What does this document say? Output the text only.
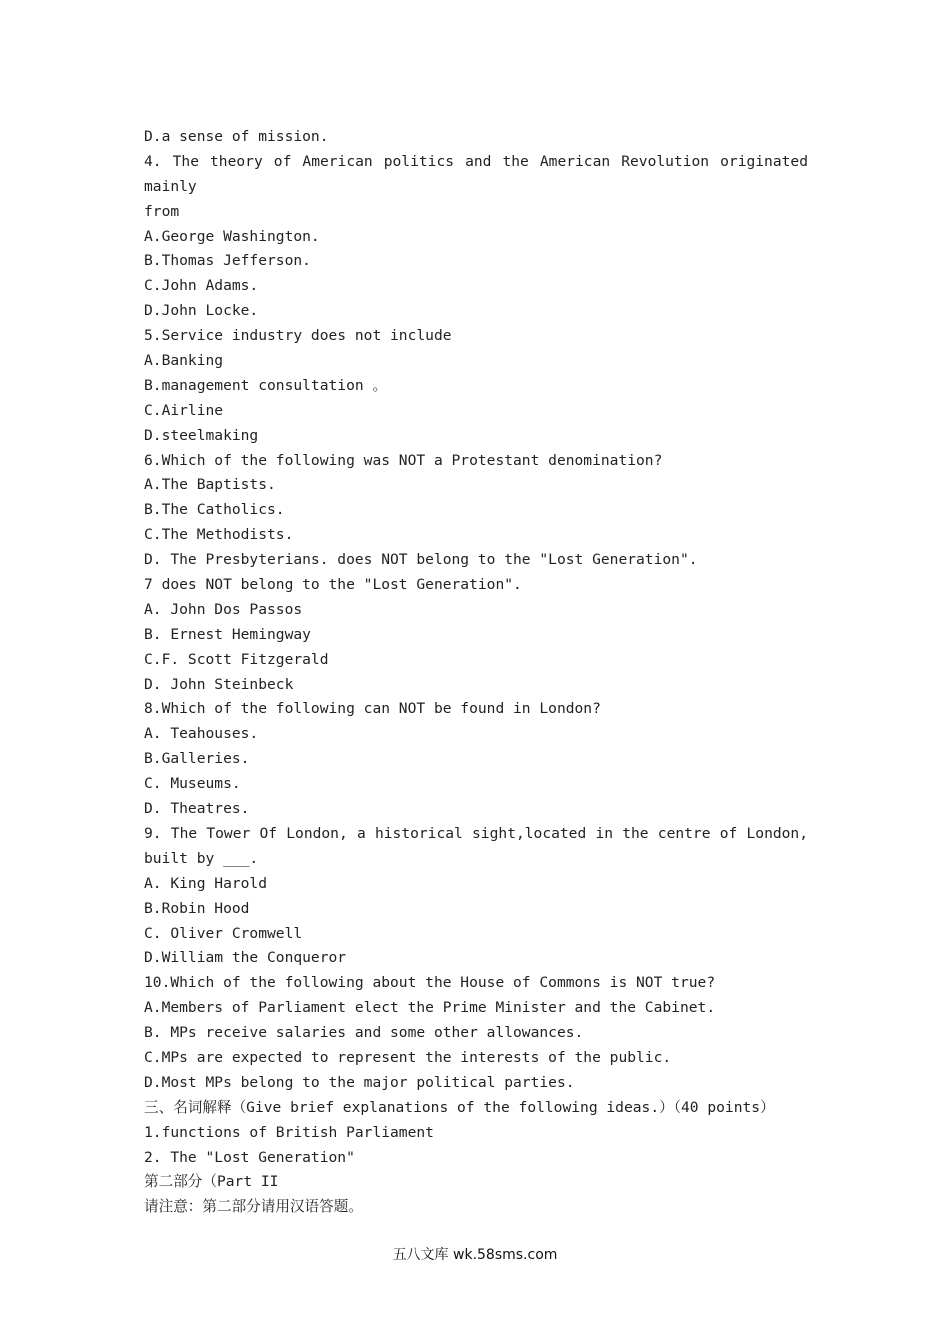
D.a sense of mission.
4. The theory of American politics and the American Revolution originated
mainly
from
A.George Washington.
B.Thomas Jefferson.
C.John Adams.
D.John Locke.
5.Service industry does not include
A.Banking
B.management consultation 。
C.Airline
D.steelmaking
6.Which of the following was NOT a Protestant denomination?
A.The Baptists.
B.The Catholics.
C.The Methodists.
D. The Presbyterians. does NOT belong to the "Lost Generation".
7 does NOT belong to the "Lost Generation".
A. John Dos Passos
B. Ernest Hemingway
C.F. Scott Fitzgerald
D. John Steinbeck
8.Which of the following can NOT be found in London?
A. Teahouses.
B.Galleries.
C. Museums.
D. Theatres.
9. The Tower Of London, a historical sight,located in the centre of London,
built by ___.
A. King Harold
B.Robin Hood
C. Oliver Cromwell
D.William the Conqueror
10.Which of the following about the House of Commons is NOT true?
A.Members of Parliament elect the Prime Minister and the Cabinet.
B. MPs receive salaries and some other allowances.
C.MPs are expected to represent the interests of the public.
D.Most MPs belong to the major political parties.
三、名词解释（Give brief explanations of the following ideas.）（40 points）
1.functions of British Parliament
2. The "Lost Generation"
第二部分（Part II
请注意：第二部分请用汉语答题。
五八文库 wk.58sms.com
